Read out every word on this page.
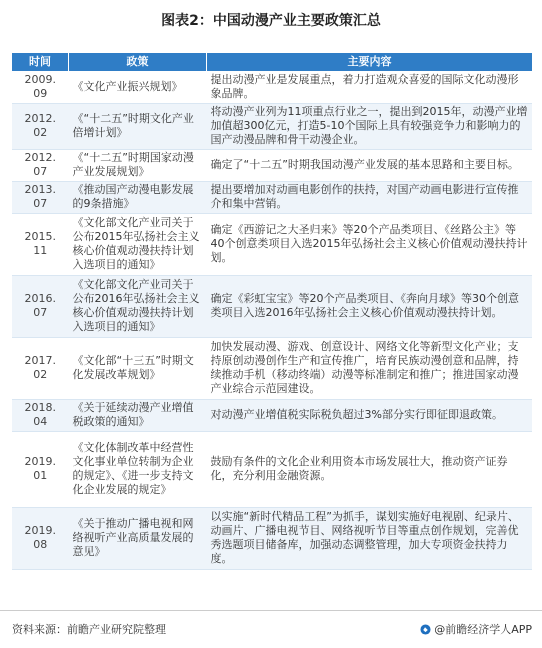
图表2：中国动漫产业主要政策汇总
时间	政策	主要内容
2009. 09	《文化产业振兴规划》	提出动漫产业是发展重点，着力打造观众喜爱的国际文化动漫形象品牌。
2012. 02	《“十二五”时期文化产业倍增计划》	将动漫产业列为11项重点行业之一，提出到2015年，动漫产业增加值超300亿元，打造5-10个国际上具有较强竞争力和影响力的国产动漫品牌和骨干动漫企业。
2012. 07	《“十二五”时期国家动漫产业发展规划》	确定了“十二五”时期我国动漫产业发展的基本思路和主要目标。
2013. 07	《推动国产动漫电影发展的9条措施》	提出要增加对动画电影创作的扶持，对国产动画电影进行宣传推介和集中营销。
2015. 11	《文化部文化产业司关于公布2015年弘扬社会主义核心价值观动漫扶持计划入选项目的通知》	确定《西游记之大圣归来》等20个产品类项目、《丝路公主》等40个创意类项目入选2015年弘扬社会主义核心价值观动漫扶持计划。
2016. 07	《文化部文化产业司关于公布2016年弘扬社会主义核心价值观动漫扶持计划入选项目的通知》	确定《彩虹宝宝》等20个产品类项目、《奔向月球》等30个创意类项目入选2016年弘扬社会主义核心价值观动漫扶持计划。
2017. 02	《文化部“十三五”时期文化发展改革规划》	加快发展动漫、游戏、创意设计、网络文化等新型文化产业；支持原创动漫创作生产和宣传推广，培育民族动漫创意和品牌，持续推动手机（移动终端）动漫等标准制定和推广；推进国家动漫产业综合示范园建设。
2018. 04	《关于延续动漫产业增值税政策的通知》	对动漫产业增值税实际税负超过3%部分实行即征即退政策。
2019. 01	《文化体制改革中经营性文化事业单位转制为企业的规定》、《进一步支持文化企业发展的规定》	鼓励有条件的文化企业利用资本市场发展壮大，推动资产证券化，充分利用金融资源。
2019. 08	《关于推动广播电视和网络视听产业高质量发展的意见》	以实施“新时代精品工程”为抓手，谋划实施好电视剧、纪录片、动画片、广播电视节目、网络视听节目等重点创作规划，完善优秀选题项目储备库，加强动态调整管理，加大专项资金扶持力度。
资料来源：前瞻产业研究院整理	@前瞻经济学人APP
